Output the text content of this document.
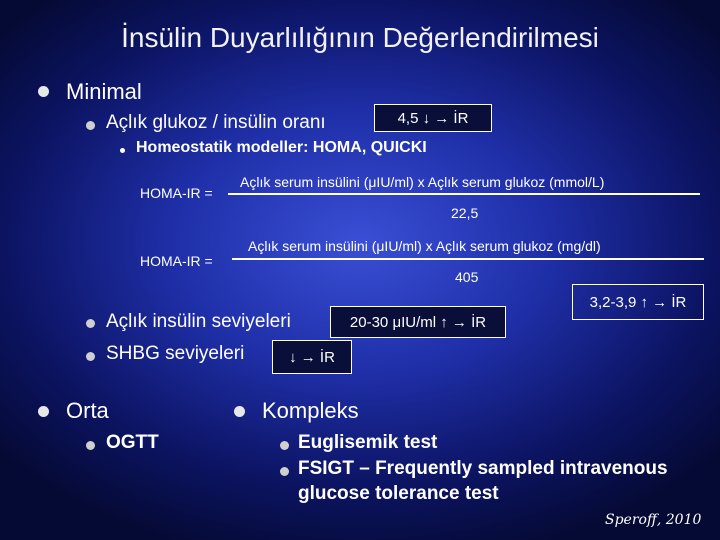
İnsülin Duyarlılığının Değerlendirilmesi
Minimal
Açlık glukoz / insülin oranı	4,5 ↓ → İR
Homeostatik modeller: HOMA, QUICKI
HOMA-IR =
Açlık serum insülini (μIU/ml) x Açlık serum glukoz (mmol/L)
22,5
HOMA-IR =
Açlık serum insülini (μIU/ml) x Açlık serum glukoz (mg/dl)
405
3,2-3,9 ↑ → İR
Açlık insülin seviyeleri	20-30 μIU/ml ↑ → İR
SHBG seviyeleri	↓ → İR
Orta
OGTT
Kompleks
Euglisemik test
FSIGT – Frequently sampled intravenous
glucose tolerance test
Speroff, 2010
